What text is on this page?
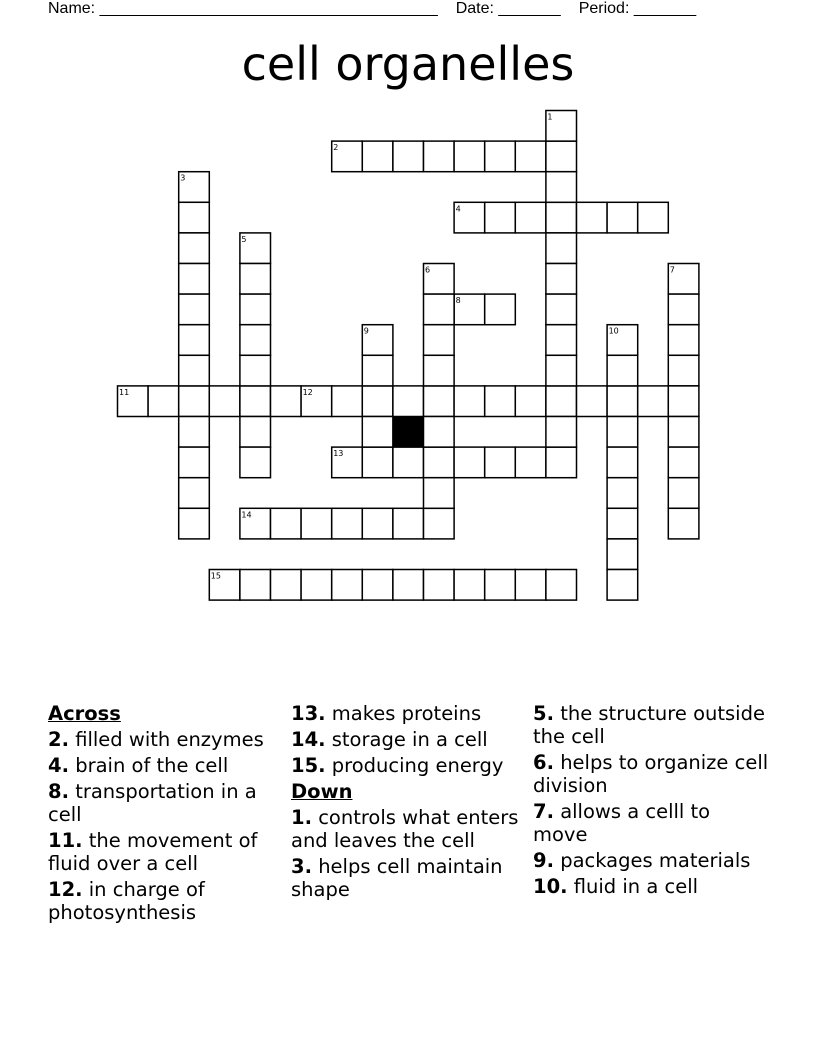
Name: ______________________________________ Date: _______ Period: _______
cell organelles
2
4
8
11	12
13
14
15
1
3
5
6	7
9	10
Across
2. filled with enzymes
4. brain of the cell
8. transportation in a cell
11. the movement of fluid over a cell
12. in charge of photosynthesis
13. makes proteins
14. storage in a cell
15. producing energy
Down
1. controls what enters and leaves the cell
3. helps cell maintain shape
5. the structure outside the cell
6. helps to organize cell division
7. allows a celll to move
9. packages materials
10. fluid in a cell
